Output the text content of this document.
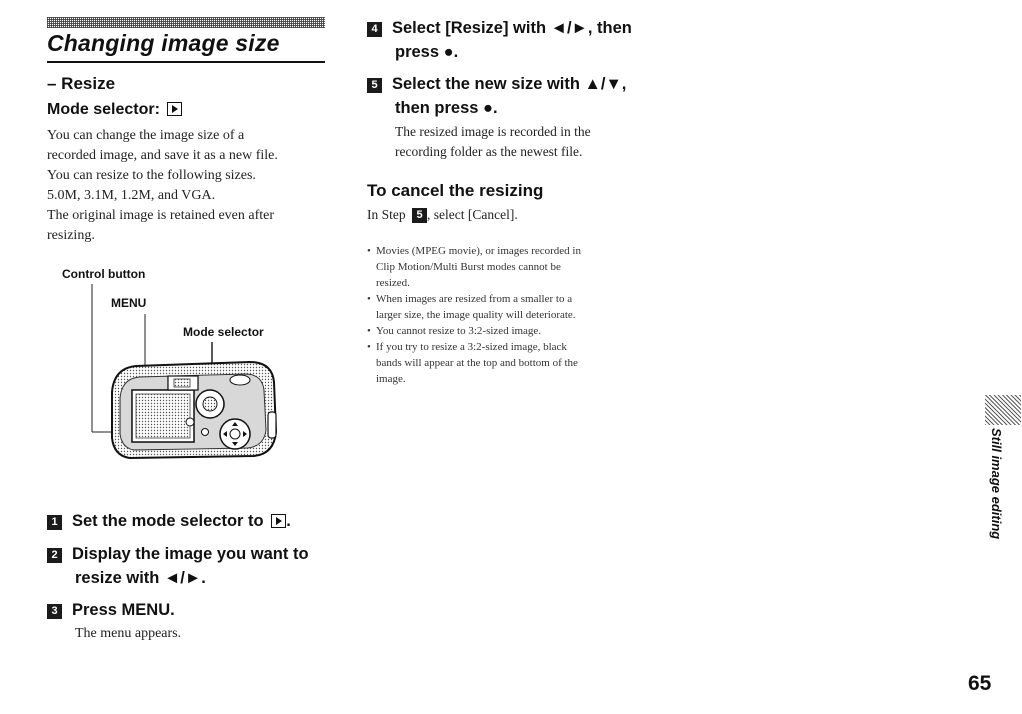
Changing image size
– Resize
Mode selector:
You can change the image size of a
recorded image, and save it as a new file.
You can resize to the following sizes.
5.0M, 3.1M, 1.2M, and VGA.
The original image is retained even after
resizing.
Control button
MENU
Mode selector
1 Set the mode selector to .
2 Display the image you want to
resize with ◄/►.
3 Press MENU.
The menu appears.
4 Select [Resize] with ◄/►, then
press ●.
5 Select the new size with ▲/▼,
then press ●.
The resized image is recorded in the
recording folder as the newest file.
To cancel the resizing
In Step 5 , select [Cancel].
• Movies (MPEG movie), or images recorded in
Clip Motion/Multi Burst modes cannot be
resized.
• When images are resized from a smaller to a
larger size, the image quality will deteriorate.
• You cannot resize to 3:2-sized image.
• If you try to resize a 3:2-sized image, black
bands will appear at the top and bottom of the
image.
Still image editing
65
